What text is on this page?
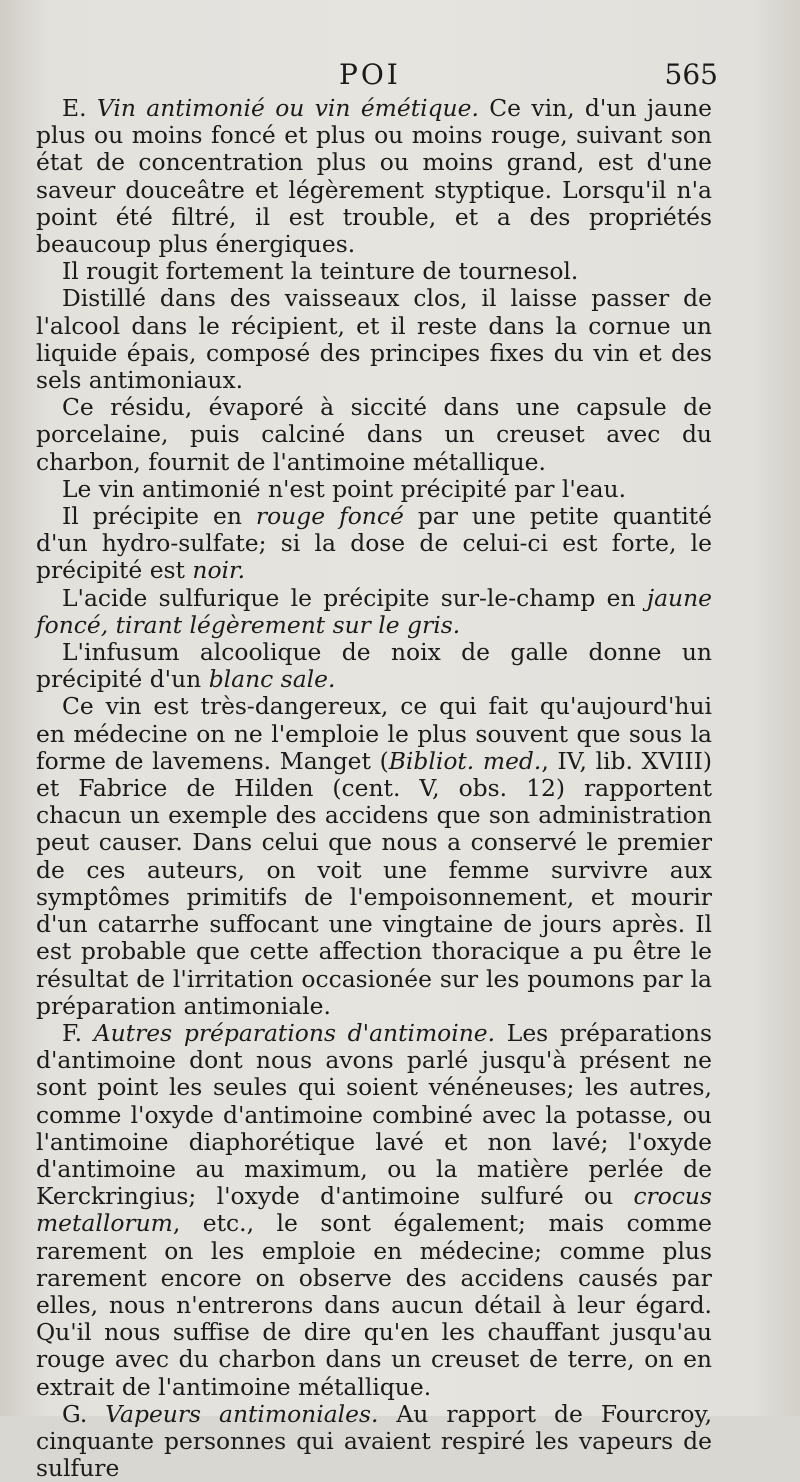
POI	565

E. Vin antimonié ou vin émétique. Ce vin, d'un jaune plus ou moins foncé et plus ou moins rouge, suivant son état de concentration plus ou moins grand, est d'une saveur douceâtre et légèrement styptique. Lorsqu'il n'a point été filtré, il est trouble, et a des propriétés beaucoup plus énergiques.

Il rougit fortement la teinture de tournesol.

Distillé dans des vaisseaux clos, il laisse passer de l'alcool dans le récipient, et il reste dans la cornue un liquide épais, composé des principes fixes du vin et des sels antimoniaux.

Ce résidu, évaporé à siccité dans une capsule de porcelaine, puis calciné dans un creuset avec du charbon, fournit de l'antimoine métallique.

Le vin antimonié n'est point précipité par l'eau.

Il précipite en rouge foncé par une petite quantité d'un hydro-sulfate; si la dose de celui-ci est forte, le précipité est noir.

L'acide sulfurique le précipite sur-le-champ en jaune foncé, tirant légèrement sur le gris.

L'infusum alcoolique de noix de galle donne un précipité d'un blanc sale.

Ce vin est très-dangereux, ce qui fait qu'aujourd'hui en médecine on ne l'emploie le plus souvent que sous la forme de lavemens. Manget (Bibliot. med., IV, lib. XVIII) et Fabrice de Hilden (cent. V, obs. 12) rapportent chacun un exemple des accidens que son administration peut causer. Dans celui que nous a conservé le premier de ces auteurs, on voit une femme survivre aux symptômes primitifs de l'empoisonnement, et mourir d'un catarrhe suffocant une vingtaine de jours après. Il est probable que cette affection thoracique a pu être le résultat de l'irritation occasionée sur les poumons par la préparation antimoniale.

F. Autres préparations d'antimoine. Les préparations d'antimoine dont nous avons parlé jusqu'à présent ne sont point les seules qui soient vénéneuses; les autres, comme l'oxyde d'antimoine combiné avec la potasse, ou l'antimoine diaphorétique lavé et non lavé; l'oxyde d'antimoine au maximum, ou la matière perlée de Kerckringius; l'oxyde d'antimoine sulfuré ou crocus metallorum, etc., le sont également; mais comme rarement on les emploie en médecine; comme plus rarement encore on observe des accidens causés par elles, nous n'entrerons dans aucun détail à leur égard. Qu'il nous suffise de dire qu'en les chauffant jusqu'au rouge avec du charbon dans un creuset de terre, on en extrait de l'antimoine métallique.

G. Vapeurs antimoniales. Au rapport de Fourcroy, cinquante personnes qui avaient respiré les vapeurs de sulfure
